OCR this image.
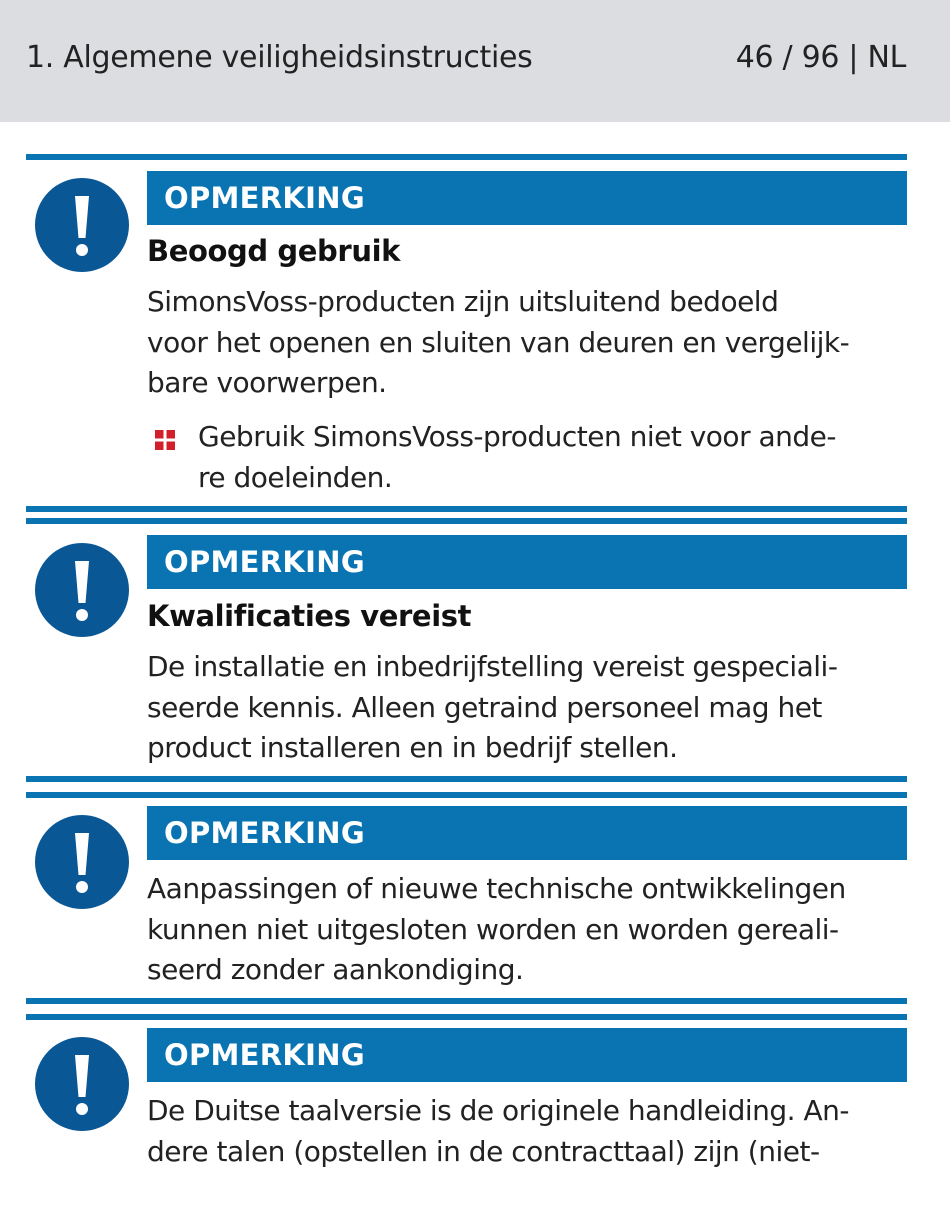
1. Algemene veiligheidsinstructies	46 / 96 | NL
OPMERKING
Beoogd gebruik
SimonsVoss-producten zijn uitsluitend bedoeld
voor het openen en sluiten van deuren en vergelijk-
bare voorwerpen.
Gebruik SimonsVoss-producten niet voor ande-
re doeleinden.
OPMERKING
Kwalificaties vereist
De installatie en inbedrijfstelling vereist gespeciali-
seerde kennis. Alleen getraind personeel mag het
product installeren en in bedrijf stellen.
OPMERKING
Aanpassingen of nieuwe technische ontwikkelingen
kunnen niet uitgesloten worden en worden gereali-
seerd zonder aankondiging.
OPMERKING
De Duitse taalversie is de originele handleiding. An-
dere talen (opstellen in de contracttaal) zijn (niet-
